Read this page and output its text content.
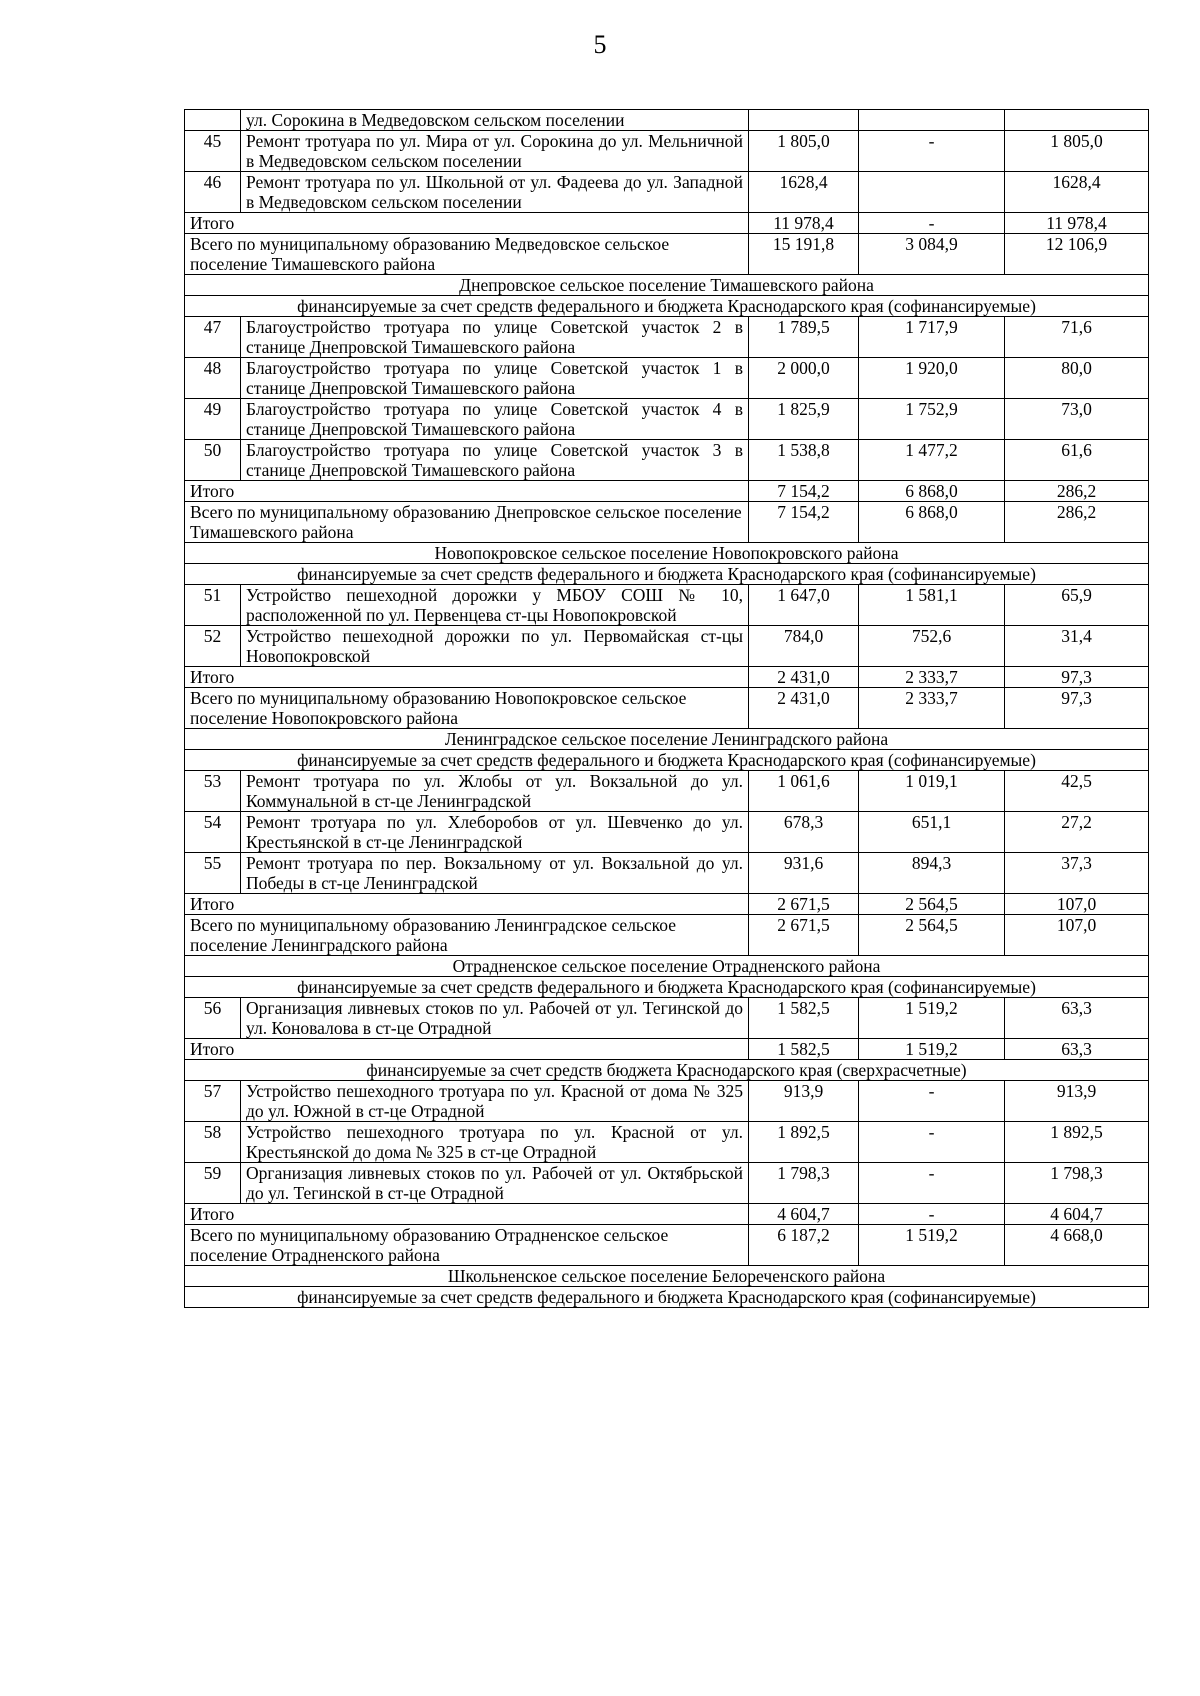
5
	ул. Сорокина в Медведовском сельском поселении			
45	Ремонт тротуара по ул. Мира от ул. Сорокина до ул. Мельничной в Медведовском сельском поселении	1 805,0	-	1 805,0
46	Ремонт тротуара по ул. Школьной от ул. Фадеева до ул. Западной в Медведовском сельском поселении	1628,4		1628,4
Итого		11 978,4	-	11 978,4
Всего по муниципальному образованию Медведовское сельское поселение Тимашевского района		15 191,8	3 084,9	12 106,9
Днепровское сельское поселение Тимашевского района				
финансируемые за счет средств федерального и бюджета Краснодарского края (софинансируемые)				
47	Благоустройство тротуара по улице Советской участок 2 в станице Днепровской Тимашевского района	1 789,5	1 717,9	71,6
48	Благоустройство тротуара по улице Советской участок 1 в станице Днепровской Тимашевского района	2 000,0	1 920,0	80,0
49	Благоустройство тротуара по улице Советской участок 4 в станице Днепровской Тимашевского района	1 825,9	1 752,9	73,0
50	Благоустройство тротуара по улице Советской участок 3 в станице Днепровской Тимашевского района	1 538,8	1 477,2	61,6
Итого		7 154,2	6 868,0	286,2
Всего по муниципальному образованию Днепровское сельское поселение Тимашевского района		7 154,2	6 868,0	286,2
Новопокровское сельское поселение Новопокровского района				
финансируемые за счет средств федерального и бюджета Краснодарского края (софинансируемые)				
51	Устройство пешеходной дорожки у МБОУ СОШ № 10, расположенной по ул. Первенцева ст-цы Новопокровской	1 647,0	1 581,1	65,9
52	Устройство пешеходной дорожки по ул. Первомайская ст-цы Новопокровской	784,0	752,6	31,4
Итого		2 431,0	2 333,7	97,3
Всего по муниципальному образованию Новопокровское сельское поселение Новопокровского района		2 431,0	2 333,7	97,3
Ленинградское сельское поселение Ленинградского района				
финансируемые за счет средств федерального и бюджета Краснодарского края (софинансируемые)				
53	Ремонт тротуара по ул. Жлобы от ул. Вокзальной до ул. Коммунальной в ст-це Ленинградской	1 061,6	1 019,1	42,5
54	Ремонт тротуара по ул. Хлеборобов от ул. Шевченко до ул. Крестьянской в ст-це Ленинградской	678,3	651,1	27,2
55	Ремонт тротуара по пер. Вокзальному от ул. Вокзальной до ул. Победы в ст-це Ленинградской	931,6	894,3	37,3
Итого		2 671,5	2 564,5	107,0
Всего по муниципальному образованию Ленинградское сельское поселение Ленинградского района		2 671,5	2 564,5	107,0
Отрадненское сельское поселение Отрадненского района				
финансируемые за счет средств федерального и бюджета Краснодарского края (софинансируемые)				
56	Организация ливневых стоков по ул. Рабочей от ул. Тегинской до ул. Коновалова в ст-це Отрадной	1 582,5	1 519,2	63,3
Итого		1 582,5	1 519,2	63,3
финансируемые за счет средств бюджета Краснодарского края (сверхрасчетные)				
57	Устройство пешеходного тротуара по ул. Красной от дома № 325 до ул. Южной в ст-це Отрадной	913,9	-	913,9
58	Устройство пешеходного тротуара по ул. Красной от ул. Крестьянской до дома № 325 в ст-це Отрадной	1 892,5	-	1 892,5
59	Организация ливневых стоков по ул. Рабочей от ул. Октябрьской до ул. Тегинской в ст-це Отрадной	1 798,3	-	1 798,3
Итого		4 604,7	-	4 604,7
Всего по муниципальному образованию Отрадненское сельское поселение Отрадненского района		6 187,2	1 519,2	4 668,0
Школьненское сельское поселение Белореченского района				
финансируемые за счет средств федерального и бюджета Краснодарского края (софинансируемые)				
